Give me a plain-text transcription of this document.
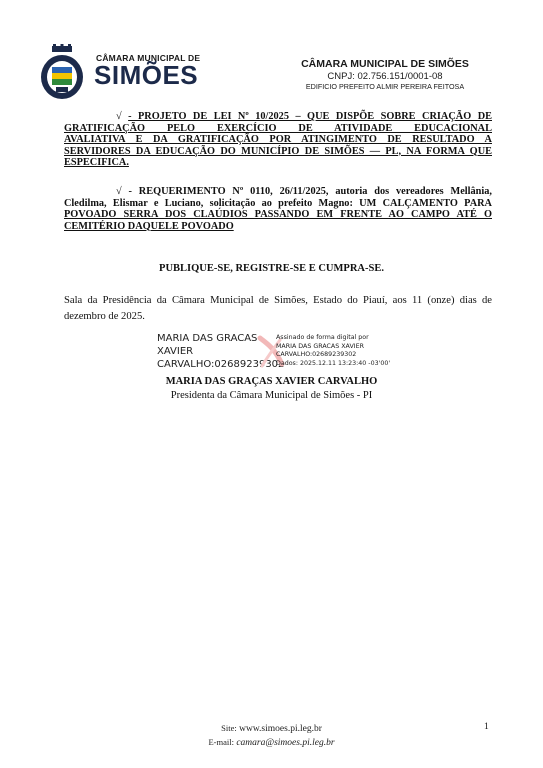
CÂMARA MUNICIPAL DE
SIMÕES	CÂMARA MUNICIPAL DE SIMÕES
CNPJ: 02.756.151/0001-08
EDIFICIO PREFEITO ALMIR PEREIRA FEITOSA
√ - PROJETO DE LEI Nº 10/2025 – QUE DISPÕE SOBRE CRIAÇÃO DE
GRATIFICAÇÃO PELO EXERCÍCIO DE ATIVIDADE EDUCACIONAL
AVALIATIVA E DA GRATIFICAÇÃO POR ATINGIMENTO DE RESULTADO A
SERVIDORES DA EDUCAÇÃO DO MUNICÍPIO DE SIMÕES — PL, NA FORMA QUE
ESPECIFICA.
√ - REQUERIMENTO Nº 0110, 26/11/2025, autoria dos vereadores Mellânia,
Cledilma, Elismar e Luciano, solicitação ao prefeito Magno: UM CALÇAMENTO PARA
POVOADO SERRA DOS CLAÚDIOS PASSANDO EM FRENTE AO CAMPO ATÉ O
CEMITÉRIO DAQUELE POVOADO
PUBLIQUE-SE, REGISTRE-SE E CUMPRA-SE.
Sala da Presidência da Câmara Municipal de Simões, Estado do Piauí, aos 11 (onze) dias de
dezembro de 2025.
MARIA DAS GRACAS
XAVIER
CARVALHO:02689239302
Assinado de forma digital por
MARIA DAS GRACAS XAVIER
CARVALHO:02689239302
Dados: 2025.12.11 13:23:40 -03'00'
MARIA DAS GRAÇAS XAVIER CARVALHO
Presidenta da Câmara Municipal de Simões - PI
Site: www.simoes.pi.leg.br
E-mail: camara@simoes.pi.leg.br
1
